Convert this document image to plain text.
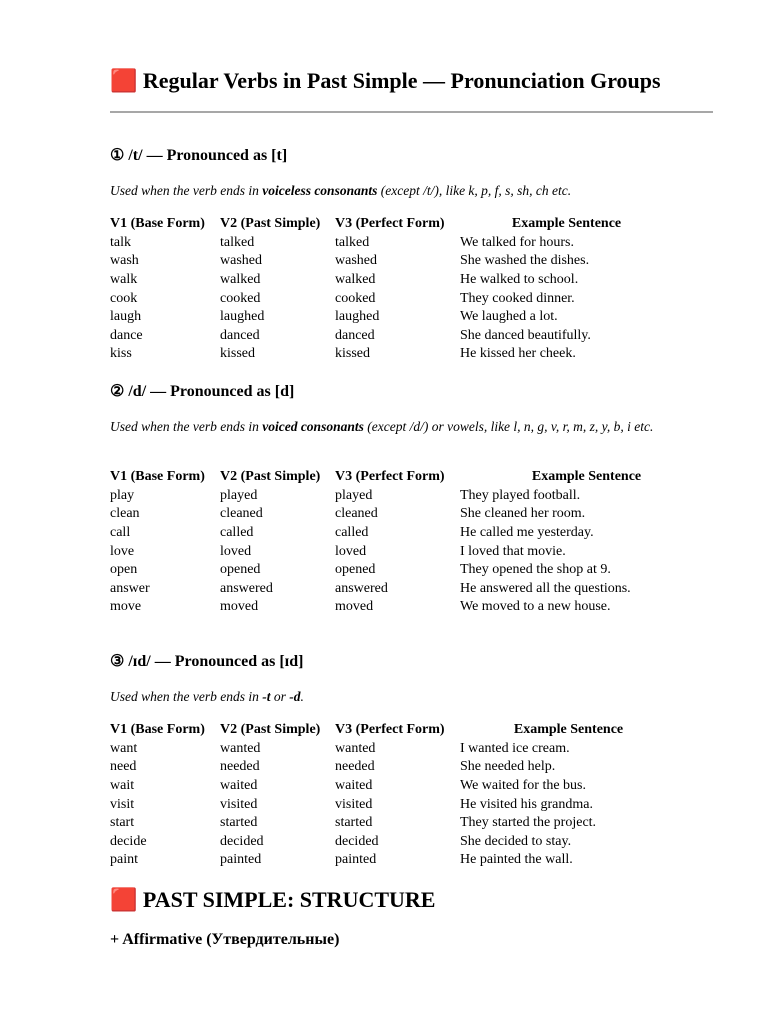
🟥 Regular Verbs in Past Simple — Pronunciation Groups
① /t/ — Pronounced as [t]
Used when the verb ends in voiceless consonants (except /t/), like k, p, f, s, sh, ch etc.
V1 (Base Form)	V2 (Past Simple)	V3 (Perfect Form)	Example Sentence
talk	talked	talked	We talked for hours.
wash	washed	washed	She washed the dishes.
walk	walked	walked	He walked to school.
cook	cooked	cooked	They cooked dinner.
laugh	laughed	laughed	We laughed a lot.
dance	danced	danced	She danced beautifully.
kiss	kissed	kissed	He kissed her cheek.
② /d/ — Pronounced as [d]
Used when the verb ends in voiced consonants (except /d/) or vowels, like l, n, g, v, r, m, z, y, b, i etc.
V1 (Base Form)	V2 (Past Simple)	V3 (Perfect Form)	Example Sentence
play	played	played	They played football.
clean	cleaned	cleaned	She cleaned her room.
call	called	called	He called me yesterday.
love	loved	loved	I loved that movie.
open	opened	opened	They opened the shop at 9.
answer	answered	answered	He answered all the questions.
move	moved	moved	We moved to a new house.
③ /ɪd/ — Pronounced as [ɪd]
Used when the verb ends in -t or -d.
V1 (Base Form)	V2 (Past Simple)	V3 (Perfect Form)	Example Sentence
want	wanted	wanted	I wanted ice cream.
need	needed	needed	She needed help.
wait	waited	waited	We waited for the bus.
visit	visited	visited	He visited his grandma.
start	started	started	They started the project.
decide	decided	decided	She decided to stay.
paint	painted	painted	He painted the wall.
🟥 PAST SIMPLE: STRUCTURE
+ Affirmative (Утвердительные)
